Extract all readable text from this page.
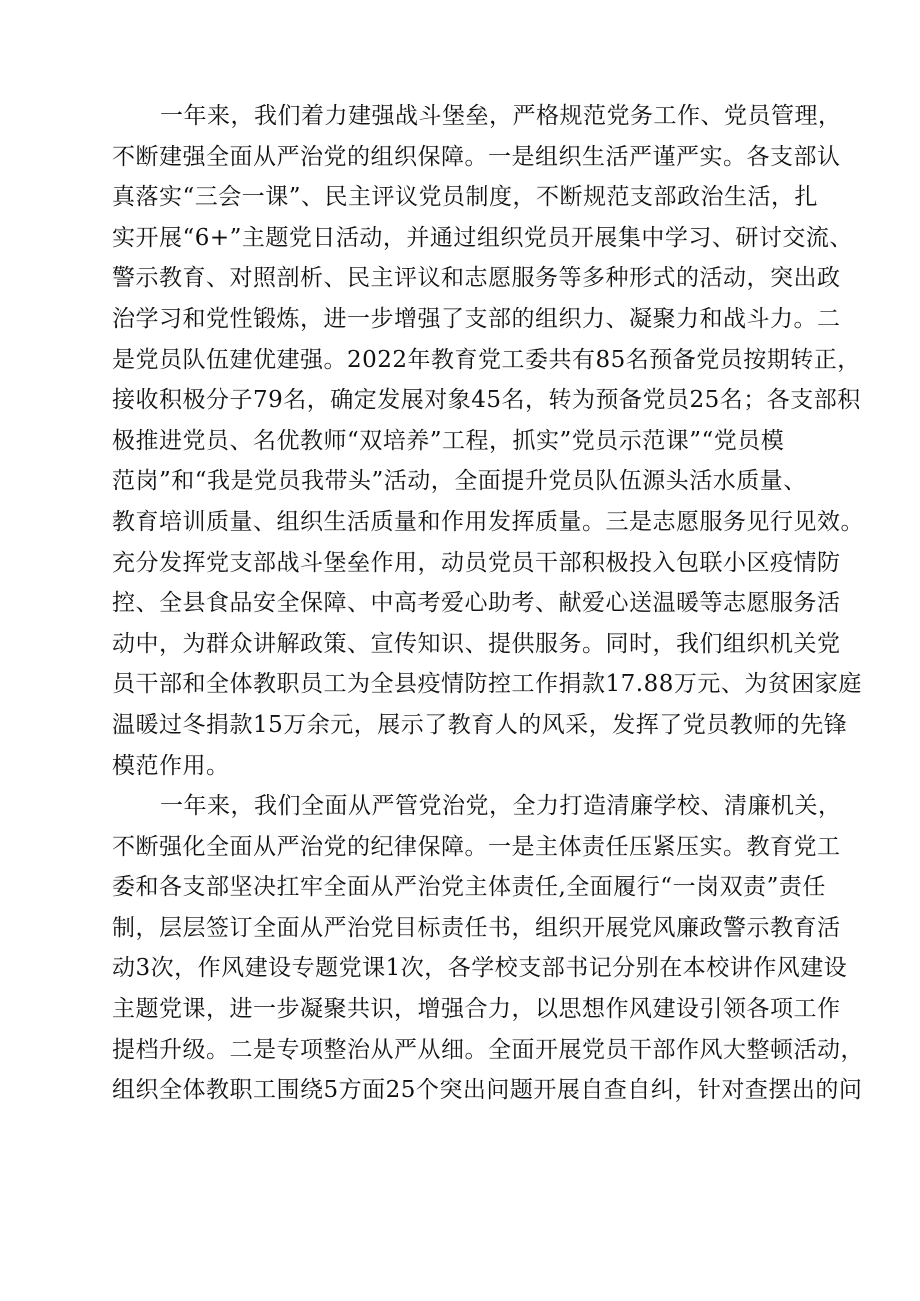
一年来，我们着力建强战斗堡垒，严格规范党务工作、党员管理，
不断建强全面从严治党的组织保障。一是组织生活严谨严实。各支部认
真落实“三会一课”、民主评议党员制度，不断规范支部政治生活，扎
实开展“6+”主题党日活动，并通过组织党员开展集中学习、研讨交流、
警示教育、对照剖析、民主评议和志愿服务等多种形式的活动，突出政
治学习和党性锻炼，进一步增强了支部的组织力、凝聚力和战斗力。二
是党员队伍建优建强。2022年教育党工委共有85名预备党员按期转正，
接收积极分子79名，确定发展对象45名，转为预备党员25名；各支部积
极推进党员、名优教师“双培养”工程，抓实”党员示范课”“党员模
范岗”和“我是党员我带头”活动，全面提升党员队伍源头活水质量、
教育培训质量、组织生活质量和作用发挥质量。三是志愿服务见行见效。
充分发挥党支部战斗堡垒作用，动员党员干部积极投入包联小区疫情防
控、全县食品安全保障、中高考爱心助考、献爱心送温暖等志愿服务活
动中，为群众讲解政策、宣传知识、提供服务。同时，我们组织机关党
员干部和全体教职员工为全县疫情防控工作捐款17.88万元、为贫困家庭
温暖过冬捐款15万余元，展示了教育人的风采，发挥了党员教师的先锋
模范作用。
一年来，我们全面从严管党治党，全力打造清廉学校、清廉机关，
不断强化全面从严治党的纪律保障。一是主体责任压紧压实。教育党工
委和各支部坚决扛牢全面从严治党主体责任,全面履行“一岗双责”责任
制，层层签订全面从严治党目标责任书，组织开展党风廉政警示教育活
动3次，作风建设专题党课1次，各学校支部书记分别在本校讲作风建设
主题党课，进一步凝聚共识，增强合力，以思想作风建设引领各项工作
提档升级。二是专项整治从严从细。全面开展党员干部作风大整顿活动，
组织全体教职工围绕5方面25个突出问题开展自查自纠，针对查摆出的问
